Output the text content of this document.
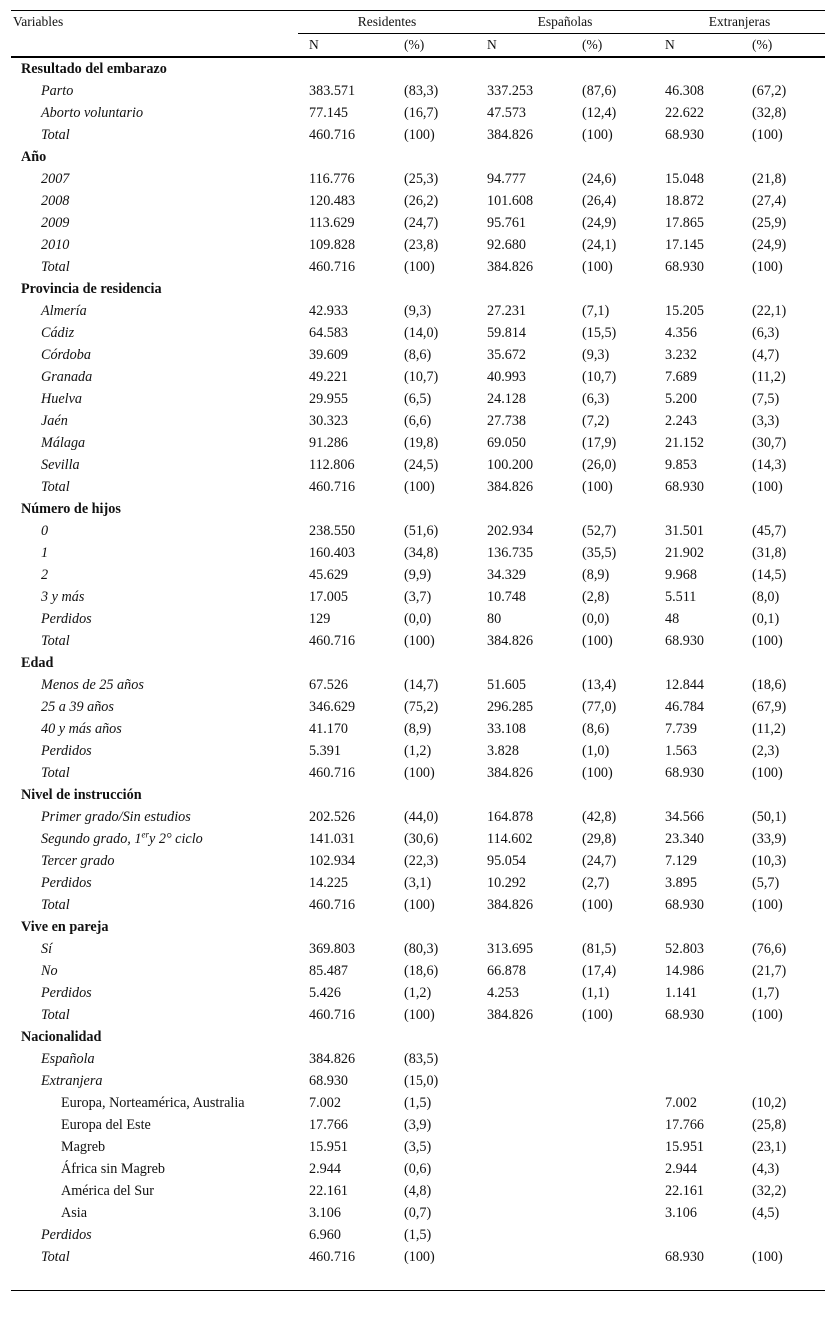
Variables	Residentes		Españolas		Extranjeras	
	N	(%)	N	(%)	N	(%)
Resultado del embarazo						
Parto	383.571	(83,3)	337.253	(87,6)	46.308	(67,2)
Aborto voluntario	77.145	(16,7)	47.573	(12,4)	22.622	(32,8)
Total	460.716	(100)	384.826	(100)	68.930	(100)
Año						
2007	116.776	(25,3)	94.777	(24,6)	15.048	(21,8)
2008	120.483	(26,2)	101.608	(26,4)	18.872	(27,4)
2009	113.629	(24,7)	95.761	(24,9)	17.865	(25,9)
2010	109.828	(23,8)	92.680	(24,1)	17.145	(24,9)
Total	460.716	(100)	384.826	(100)	68.930	(100)
Provincia de residencia						
Almería	42.933	(9,3)	27.231	(7,1)	15.205	(22,1)
Cádiz	64.583	(14,0)	59.814	(15,5)	4.356	(6,3)
Córdoba	39.609	(8,6)	35.672	(9,3)	3.232	(4,7)
Granada	49.221	(10,7)	40.993	(10,7)	7.689	(11,2)
Huelva	29.955	(6,5)	24.128	(6,3)	5.200	(7,5)
Jaén	30.323	(6,6)	27.738	(7,2)	2.243	(3,3)
Málaga	91.286	(19,8)	69.050	(17,9)	21.152	(30,7)
Sevilla	112.806	(24,5)	100.200	(26,0)	9.853	(14,3)
Total	460.716	(100)	384.826	(100)	68.930	(100)
Número de hijos						
0	238.550	(51,6)	202.934	(52,7)	31.501	(45,7)
1	160.403	(34,8)	136.735	(35,5)	21.902	(31,8)
2	45.629	(9,9)	34.329	(8,9)	9.968	(14,5)
3 y más	17.005	(3,7)	10.748	(2,8)	5.511	(8,0)
Perdidos	129	(0,0)	80	(0,0)	48	(0,1)
Total	460.716	(100)	384.826	(100)	68.930	(100)
Edad						
Menos de 25 años	67.526	(14,7)	51.605	(13,4)	12.844	(18,6)
25 a 39 años	346.629	(75,2)	296.285	(77,0)	46.784	(67,9)
40 y más años	41.170	(8,9)	33.108	(8,6)	7.739	(11,2)
Perdidos	5.391	(1,2)	3.828	(1,0)	1.563	(2,3)
Total	460.716	(100)	384.826	(100)	68.930	(100)
Nivel de instrucción						
Primer grado/Sin estudios	202.526	(44,0)	164.878	(42,8)	34.566	(50,1)
Segundo grado, 1ery 2° ciclo	141.031	(30,6)	114.602	(29,8)	23.340	(33,9)
Tercer grado	102.934	(22,3)	95.054	(24,7)	7.129	(10,3)
Perdidos	14.225	(3,1)	10.292	(2,7)	3.895	(5,7)
Total	460.716	(100)	384.826	(100)	68.930	(100)
Vive en pareja						
Sí	369.803	(80,3)	313.695	(81,5)	52.803	(76,6)
No	85.487	(18,6)	66.878	(17,4)	14.986	(21,7)
Perdidos	5.426	(1,2)	4.253	(1,1)	1.141	(1,7)
Total	460.716	(100)	384.826	(100)	68.930	(100)
Nacionalidad						
Española	384.826	(83,5)				
Extranjera	68.930	(15,0)				
Europa, Norteamérica, Australia	7.002	(1,5)			7.002	(10,2)
Europa del Este	17.766	(3,9)			17.766	(25,8)
Magreb	15.951	(3,5)			15.951	(23,1)
África sin Magreb	2.944	(0,6)			2.944	(4,3)
América del Sur	22.161	(4,8)			22.161	(32,2)
Asia	3.106	(0,7)			3.106	(4,5)
Perdidos	6.960	(1,5)				
Total	460.716	(100)			68.930	(100)
